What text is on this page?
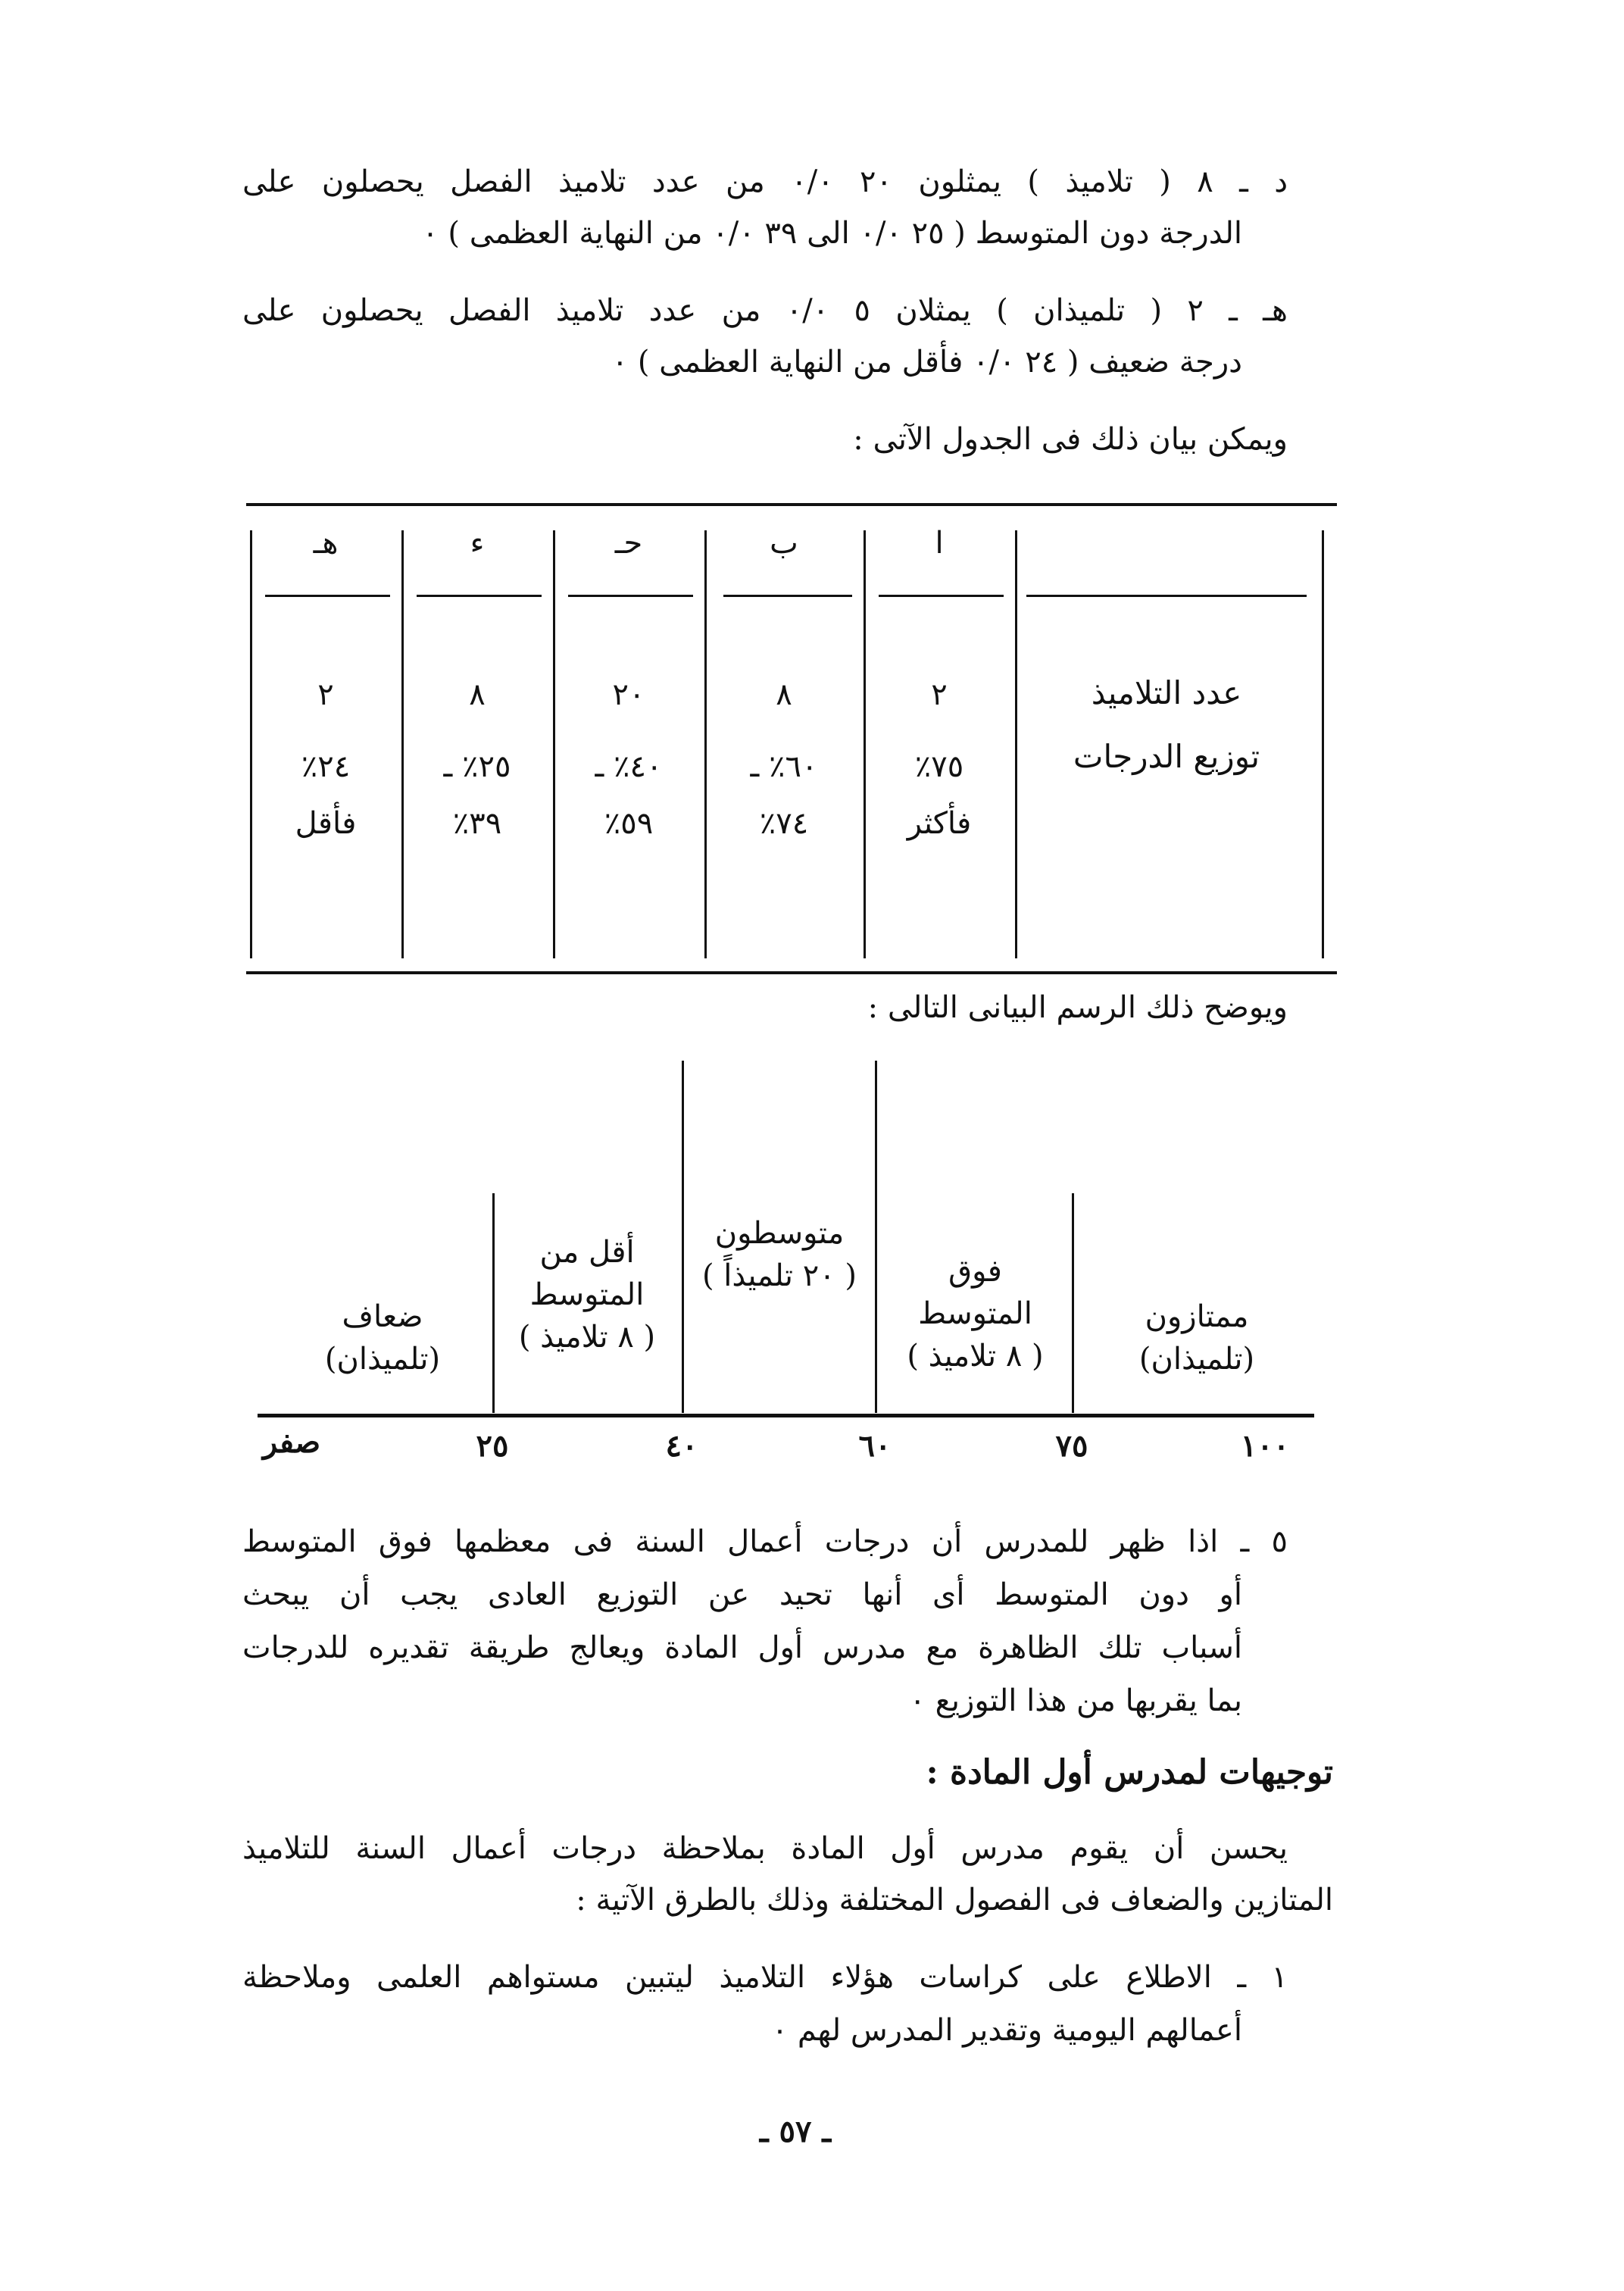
د ـ ٨ ( تلاميذ ) يمثلون ٢٠ ٠/٠ من عدد تلاميذ الفصل يحصلون على
الدرجة دون المتوسط ( ٢٥ ٠/٠ الى ٣٩ ٠/٠ من النهاية العظمى ) ٠
هـ ـ ٢ ( تلميذان ) يمثلان ٥ ٠/٠ من عدد تلاميذ الفصل يحصلون على
درجة ضعيف ( ٢٤ ٠/٠ فأقل من النهاية العظمى ) ٠
ويمكن بيان ذلك فى الجدول الآتى :
ا
ب
حـ
ء
هـ
عدد التلاميذ
توزيع الدرجات
٢
٧٥٪
فأكثر
٨
٦٠٪ ـ
٧٤٪
٢٠
٤٠٪ ـ
٥٩٪
٨
٢٥٪ ـ
٣٩٪
٢
٢٤٪
فأقل
ويوضح ذلك الرسم البيانى التالى :
ممتازون
(تلميذان)
فوق المتوسط
( ٨ تلاميذ )
متوسطون
( ٢٠ تلميذاً )
أقل من المتوسط
( ٨ تلاميذ )
ضعاف
(تلميذان)
١٠٠
٧٥
٦٠
٤٠
٢٥
صفر
٥ ـ اذا ظهر للمدرس أن درجات أعمال السنة فى معظمها فوق المتوسط
أو دون المتوسط أى أنها تحيد عن التوزيع العادى يجب أن يبحث
أسباب تلك الظاهرة مع مدرس أول المادة ويعالج طريقة تقديره للدرجات
بما يقربها من هذا التوزيع ٠
توجيهات لمدرس أول المادة :
يحسن أن يقوم مدرس أول المادة بملاحظة درجات أعمال السنة للتلاميذ
المتازين والضعاف فى الفصول المختلفة وذلك بالطرق الآتية :
١ ـ الاطلاع على كراسات هؤلاء التلاميذ ليتبين مستواهم العلمى وملاحظة
أعمالهم اليومية وتقدير المدرس لهم ٠
ـ ٥٧ ـ
